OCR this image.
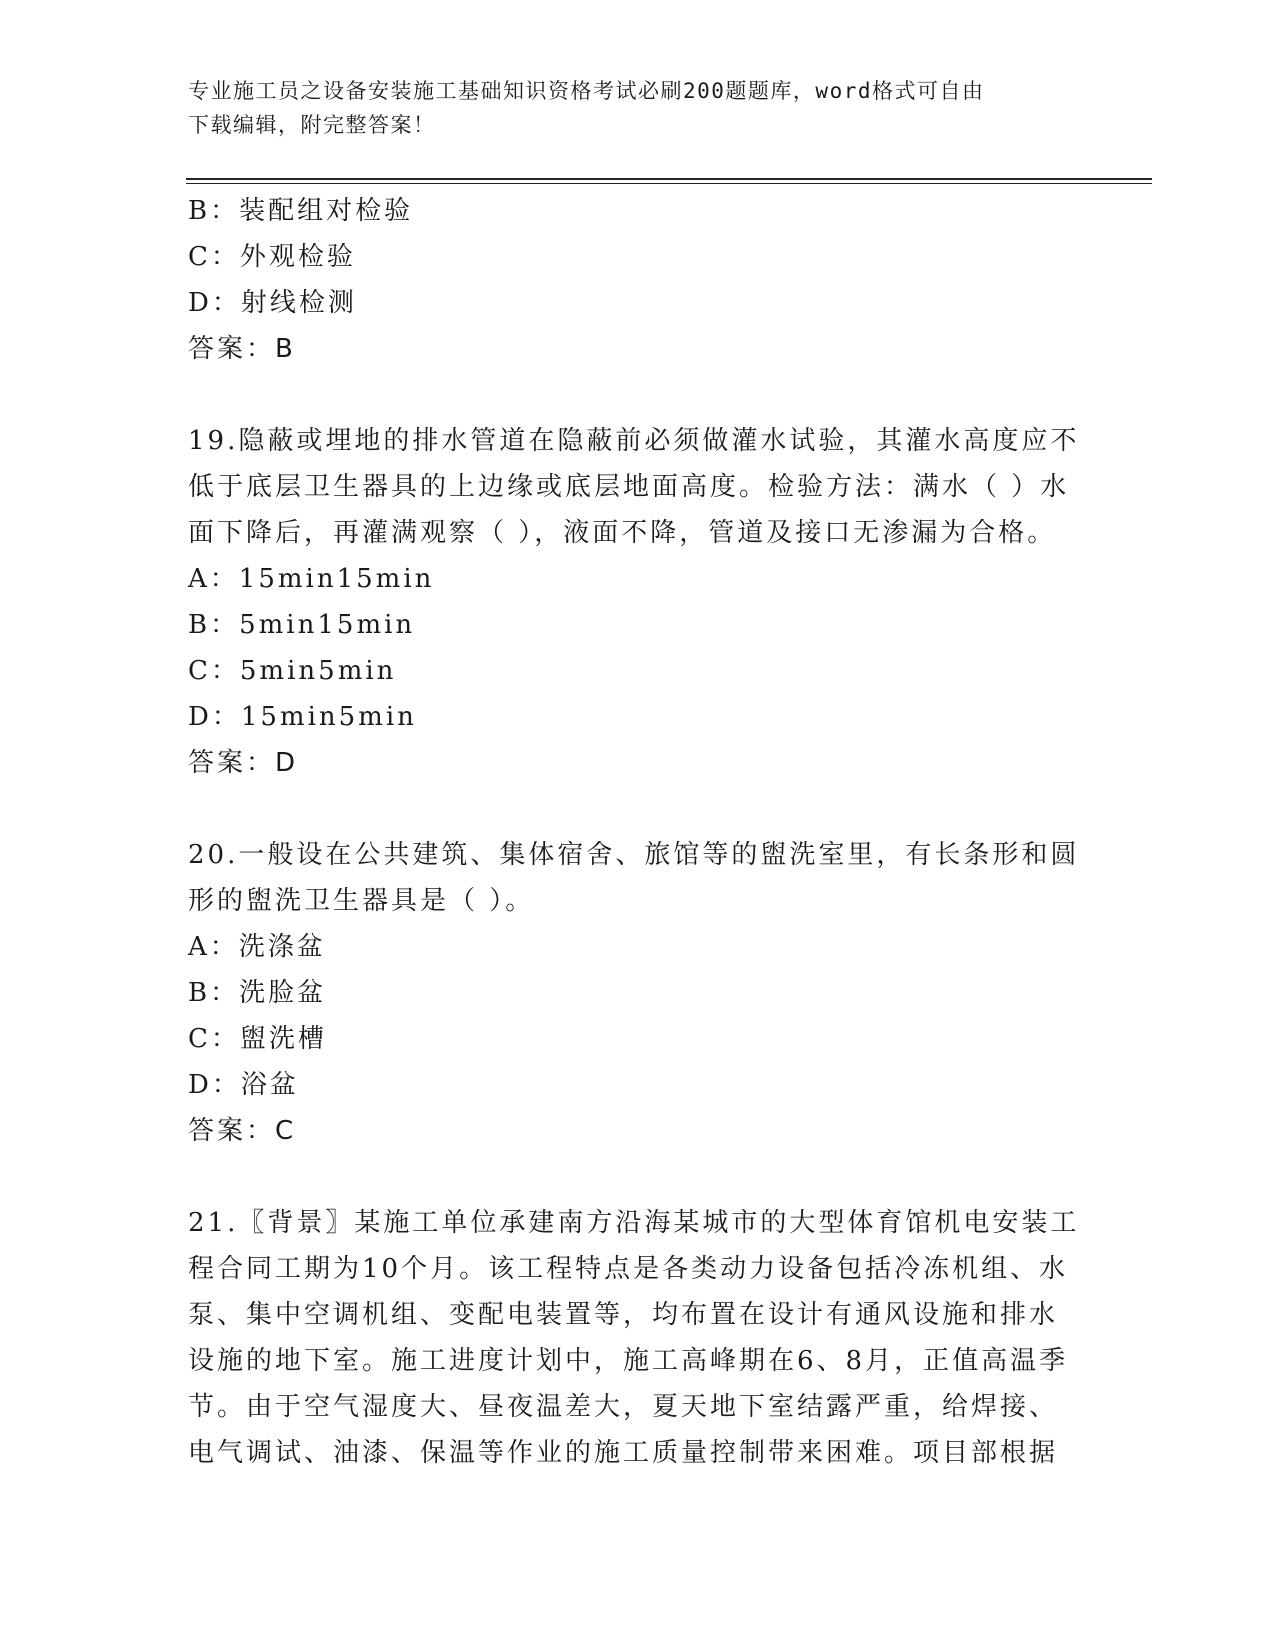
专业施工员之设备安装施工基础知识资格考试必刷200题题库，word格式可自由
下载编辑，附完整答案！
B：装配组对检验
C：外观检验
D：射线检测
答案：B
19.隐蔽或埋地的排水管道在隐蔽前必须做灌水试验，其灌水高度应不
低于底层卫生器具的上边缘或底层地面高度。检验方法：满水（ ）水
面下降后，再灌满观察（ ），液面不降，管道及接口无渗漏为合格。
A：15min15min
B：5min15min
C：5min5min
D：15min5min
答案：D
20.一般设在公共建筑、集体宿舍、旅馆等的盥洗室里，有长条形和圆
形的盥洗卫生器具是（ ）。
A：洗涤盆
B：洗脸盆
C：盥洗槽
D：浴盆
答案：C
21.〖背景〗某施工单位承建南方沿海某城市的大型体育馆机电安装工
程合同工期为10个月。该工程特点是各类动力设备包括冷冻机组、水
泵、集中空调机组、变配电装置等，均布置在设计有通风设施和排水
设施的地下室。施工进度计划中，施工高峰期在6、8月，正值高温季
节。由于空气湿度大、昼夜温差大，夏天地下室结露严重，给焊接、
电气调试、油漆、保温等作业的施工质量控制带来困难。项目部根据
